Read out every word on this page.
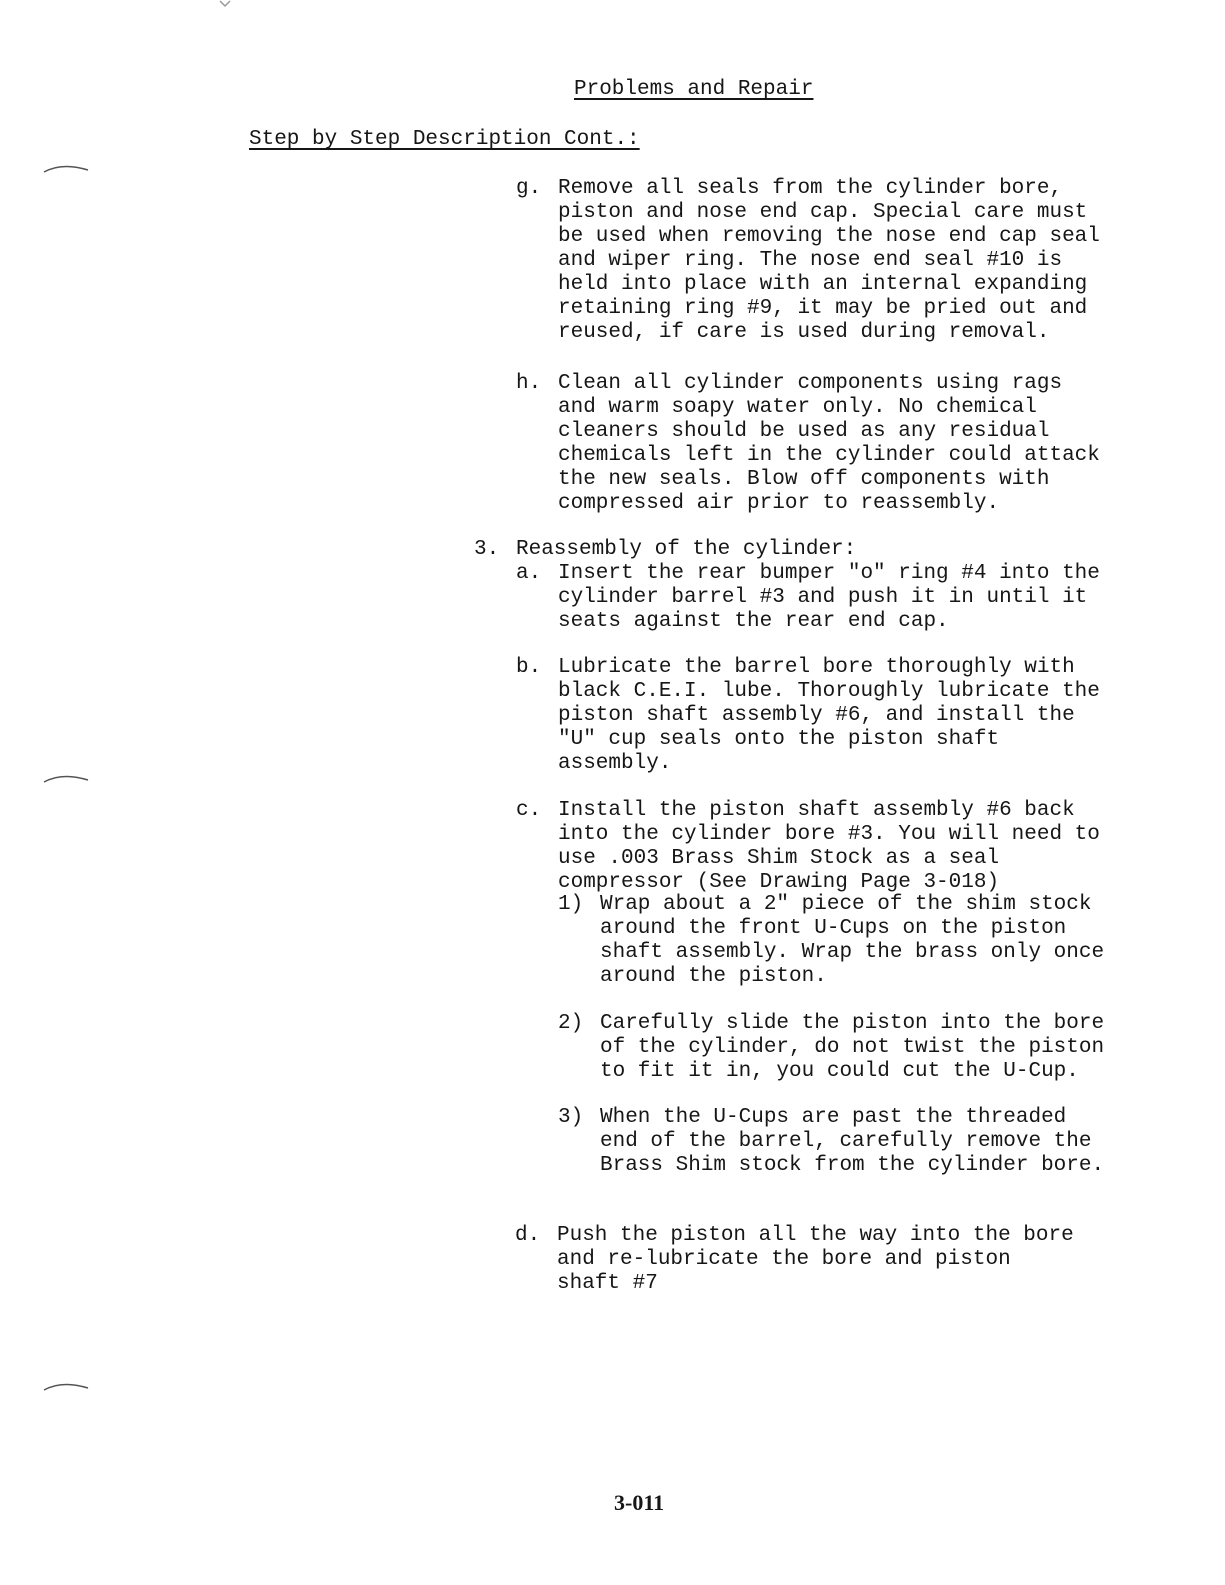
Problems and Repair
Step by Step Description Cont.:

g.

Remove all seals from the cylinder bore,
piston and nose end cap. Special care must
be used when removing the nose end cap seal
and wiper ring. The nose end seal #10 is
held into place with an internal expanding
retaining ring #9, it may be pried out and
reused, if care is used during removal.

h.

Clean all cylinder components using rags
and warm soapy water only. No chemical
cleaners should be used as any residual
chemicals left in the cylinder could attack
the new seals. Blow off components with
compressed air prior to reassembly.

3.

Reassembly of the cylinder:

a.

Insert the rear bumper "o" ring #4 into the
cylinder barrel #3 and push it in until it
seats against the rear end cap.

b.

Lubricate the barrel bore thoroughly with
black C.E.I. lube. Thoroughly lubricate the
piston shaft assembly #6, and install the
"U" cup seals onto the piston shaft
assembly.

c.

Install the piston shaft assembly #6 back
into the cylinder bore #3. You will need to
use .003 Brass Shim Stock as a seal
compressor (See Drawing Page 3-018)

1)

Wrap about a 2" piece of the shim stock
around the front U-Cups on the piston
shaft assembly. Wrap the brass only once
around the piston.

2)

Carefully slide the piston into the bore
of the cylinder, do not twist the piston
to fit it in, you could cut the U-Cup.

3)

When the U-Cups are past the threaded
end of the barrel, carefully remove the
Brass Shim stock from the cylinder bore.

d.

Push the piston all the way into the bore
and re-lubricate the bore and piston
shaft #7

3-011
